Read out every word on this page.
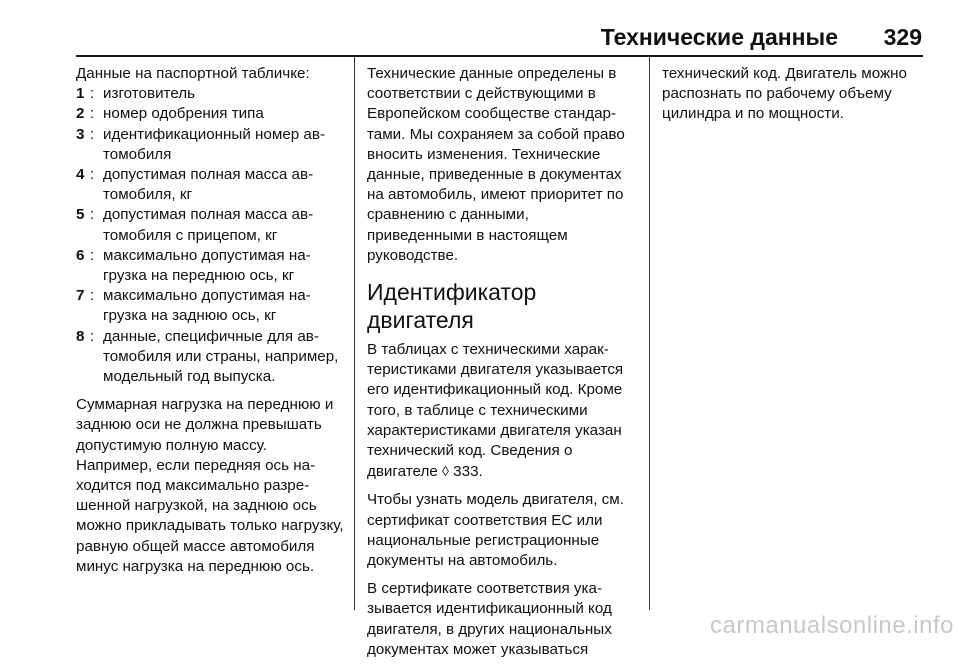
Технические данные 329

Данные на паспортной табличке:

1 : изготовитель
2 : номер одобрения типа
3 : идентификационный номер автомобиля
4 : допустимая полная масса автомобиля, кг
5 : допустимая полная масса автомобиля с прицепом, кг
6 : максимально допустимая нагрузка на переднюю ось, кг
7 : максимально допустимая нагрузка на заднюю ось, кг
8 : данные, специфичные для автомобиля или страны, например, модельный год выпуска.

Суммарная нагрузка на переднюю и заднюю оси не должна превышать допустимую полную массу. Например, если передняя ось находится под максимально разрешенной нагрузкой, на заднюю ось можно прикладывать только нагрузку, равную общей массе автомобиля минус нагрузка на переднюю ось.

Технические данные определены в соответствии с действующими в Европейском сообществе стандартами. Мы сохраняем за собой право вносить изменения. Технические данные, приведенные в документах на автомобиль, имеют приоритет по сравнению с данными, приведенными в настоящем руководстве.

Идентификатор двигателя

В таблицах с техническими характеристиками двигателя указывается его идентификационный код. Кроме того, в таблице с техническими характеристиками двигателя указан технический код. Сведения о двигателе ◊ 333.

Чтобы узнать модель двигателя, см. сертификат соответствия ЕС или национальные регистрационные документы на автомобиль.

В сертификате соответствия указывается идентификационный код двигателя, в других национальных документах может указываться

технический код. Двигатель можно распознать по рабочему объему цилиндра и по мощности.

carmanualsonline.info
